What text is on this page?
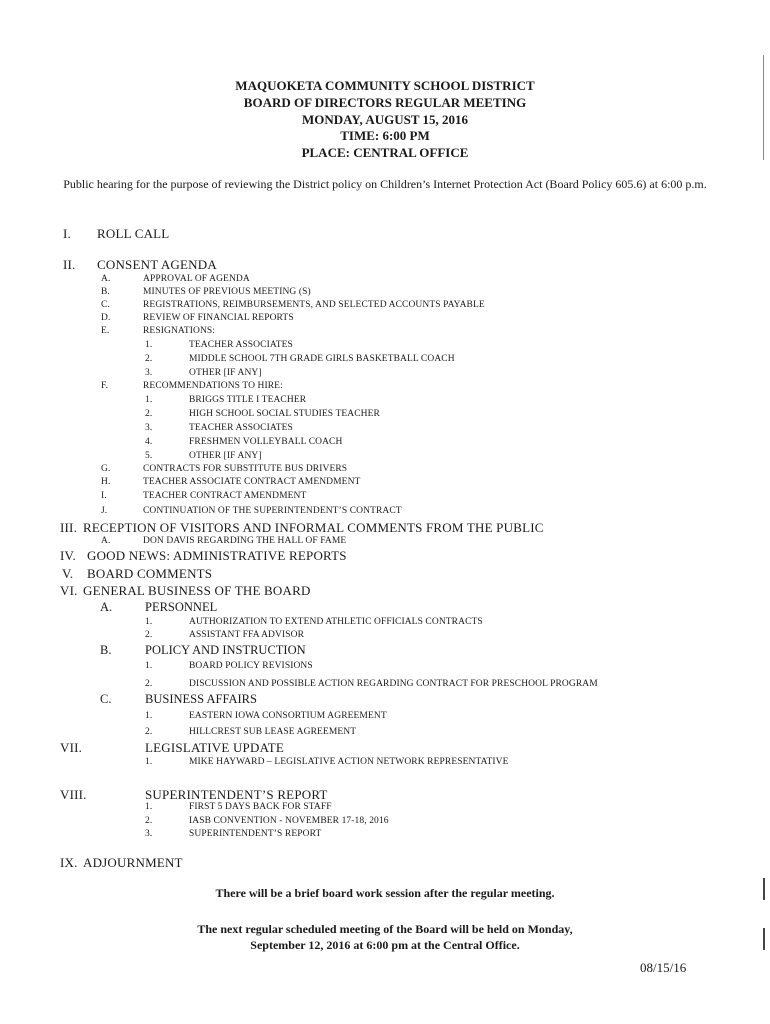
MAQUOKETA COMMUNITY SCHOOL DISTRICT
BOARD OF DIRECTORS REGULAR MEETING
MONDAY, AUGUST 15, 2016
TIME: 6:00 PM
PLACE: CENTRAL OFFICE
Public hearing for the purpose of reviewing the District policy on Children’s Internet Protection Act (Board Policy 605.6) at 6:00 p.m.
I. ROLL CALL
II. CONSENT AGENDA
A.	APPROVAL OF AGENDA
B.	MINUTES OF PREVIOUS MEETING (S)
C.	REGISTRATIONS, REIMBURSEMENTS, AND SELECTED ACCOUNTS PAYABLE
D.	REVIEW OF FINANCIAL REPORTS
E.	RESIGNATIONS:
1.	TEACHER ASSOCIATES
2.	MIDDLE SCHOOL 7TH GRADE GIRLS BASKETBALL COACH
3.	OTHER [IF ANY]
F.	RECOMMENDATIONS TO HIRE:
1.	BRIGGS TITLE I TEACHER
2.	HIGH SCHOOL SOCIAL STUDIES TEACHER
3.	TEACHER ASSOCIATES
4.	FRESHMEN VOLLEYBALL COACH
5.	OTHER [IF ANY]
G.	CONTRACTS FOR SUBSTITUTE BUS DRIVERS
H.	TEACHER ASSOCIATE CONTRACT AMENDMENT
I.	TEACHER CONTRACT AMENDMENT
J.	CONTINUATION OF THE SUPERINTENDENT’S CONTRACT
III. RECEPTION OF VISITORS AND INFORMAL COMMENTS FROM THE PUBLIC
A.	DON DAVIS REGARDING THE HALL OF FAME
IV. GOOD NEWS: ADMINISTRATIVE REPORTS
V. BOARD COMMENTS
VI. GENERAL BUSINESS OF THE BOARD
A.	PERSONNEL
1.	AUTHORIZATION TO EXTEND ATHLETIC OFFICIALS CONTRACTS
2.	ASSISTANT FFA ADVISOR
B.	POLICY AND INSTRUCTION
1.	BOARD POLICY REVISIONS
2.	DISCUSSION AND POSSIBLE ACTION REGARDING CONTRACT FOR PRESCHOOL PROGRAM
C.	BUSINESS AFFAIRS
1.	EASTERN IOWA CONSORTIUM AGREEMENT
2.	HILLCREST SUB LEASE AGREEMENT
VII.	LEGISLATIVE UPDATE
1.	MIKE HAYWARD – LEGISLATIVE ACTION NETWORK REPRESENTATIVE
VIII.	SUPERINTENDENT’S REPORT
1.	FIRST 5 DAYS BACK FOR STAFF
2.	IASB CONVENTION - NOVEMBER 17-18, 2016
3.	SUPERINTENDENT’S REPORT
IX. ADJOURNMENT
There will be a brief board work session after the regular meeting.
The next regular scheduled meeting of the Board will be held on Monday,
September 12, 2016 at 6:00 pm at the Central Office.
08/15/16
